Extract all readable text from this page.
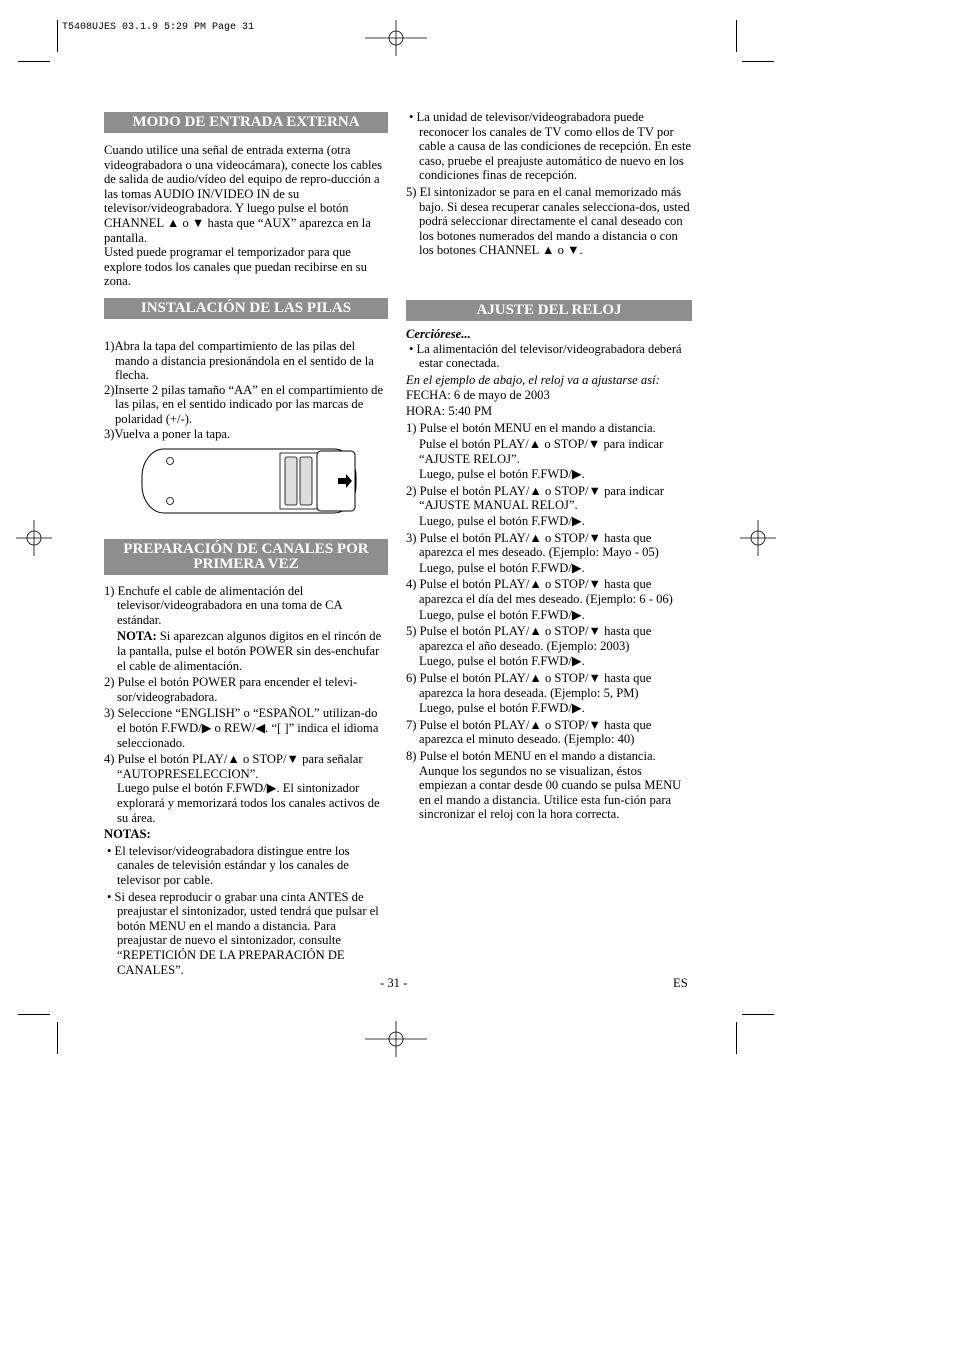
T5408UJES 03.1.9 5:29 PM Page 31
MODO DE ENTRADA EXTERNA

Cuando utilice una señal de entrada externa (otra videograbadora o una videocámara), conecte los cables de salida de audio/vídeo del equipo de repro-ducción a las tomas AUDIO IN/VIDEO IN de su televisor/videograbadora. Y luego pulse el botón CHANNEL ▲ o ▼ hasta que “AUX” aparezca en la pantalla.

Usted puede programar el temporizador para que explore todos los canales que puedan recibirse en su zona.

INSTALACIÓN DE LAS PILAS

1)Abra la tapa del compartimiento de las pilas del mando a distancia presionándola en el sentido de la flecha.

2)Inserte 2 pilas tamaño “AA” en el compartimiento de las pilas, en el sentido indicado por las marcas de polaridad (+/-).

3)Vuelva a poner la tapa.

PREPARACIÓN DE CANALES POR
PRIMERA VEZ

1) Enchufe el cable de alimentación del televisor/videograbadora en una toma de CA estándar.

NOTA: Si aparezcan algunos digitos en el rincón de la pantalla, pulse el botón POWER sin des-enchufar el cable de alimentación.

2) Pulse el botón POWER para encender el televi-sor/videograbadora.

3) Seleccione “ENGLISH” o “ESPAÑOL” utilizan-do el botón F.FWD/▶ o REW/◀. “[ ]” indica el idioma seleccionado.

4) Pulse el botón PLAY/▲ o STOP/▼ para señalar “AUTOPRESELECCION”.

Luego pulse el botón F.FWD/▶. El sintonizador explorará y memorizará todos los canales activos de su área.

NOTAS:

• El televisor/videograbadora distingue entre los canales de televisión estándar y los canales de televisor por cable.

• Si desea reproducir o grabar una cinta ANTES de preajustar el sintonizador, usted tendrá que pulsar el botón MENU en el mando a distancia. Para preajustar de nuevo el sintonizador, consulte “REPETICIÓN DE LA PREPARACIÓN DE CANALES”.

• La unidad de televisor/videograbadora puede reconocer los canales de TV como ellos de TV por cable a causa de las condiciones de recepción. En este caso, pruebe el preajuste automático de nuevo en los condiciones finas de recepción.

5) El sintonizador se para en el canal memorizado más bajo. Si desea recuperar canales selecciona-dos, usted podrá seleccionar directamente el canal deseado con los botones numerados del mando a distancia o con los botones CHANNEL ▲ o ▼.

AJUSTE DEL RELOJ

Cerciórese...

• La alimentación del televisor/videograbadora deberá estar conectada.

En el ejemplo de abajo, el reloj va a ajustarse así:

FECHA: 6 de mayo de 2003

HORA: 5:40 PM

1) Pulse el botón MENU en el mando a distancia.

Pulse el botón PLAY/▲ o STOP/▼ para indicar “AJUSTE RELOJ”.

Luego, pulse el botón F.FWD/▶.

2) Pulse el botón PLAY/▲ o STOP/▼ para indicar “AJUSTE MANUAL RELOJ”.

Luego, pulse el botón F.FWD/▶.

3) Pulse el botón PLAY/▲ o STOP/▼ hasta que aparezca el mes deseado. (Ejemplo: Mayo - 05)

Luego, pulse el botón F.FWD/▶.

4) Pulse el botón PLAY/▲ o STOP/▼ hasta que aparezca el día del mes deseado. (Ejemplo: 6 - 06)

Luego, pulse el botón F.FWD/▶.

5) Pulse el botón PLAY/▲ o STOP/▼ hasta que aparezca el año deseado. (Ejemplo: 2003)

Luego, pulse el botón F.FWD/▶.

6) Pulse el botón PLAY/▲ o STOP/▼ hasta que aparezca la hora deseada. (Ejemplo: 5, PM)

Luego, pulse el botón F.FWD/▶.

7) Pulse el botón PLAY/▲ o STOP/▼ hasta que aparezca el minuto deseado. (Ejemplo: 40)

8) Pulse el botón MENU en el mando a distancia.

Aunque los segundos no se visualizan, éstos empiezan a contar desde 00 cuando se pulsa MENU en el mando a distancia. Utilice esta fun-ción para sincronizar el reloj con la hora correcta.

- 31 -	ES
